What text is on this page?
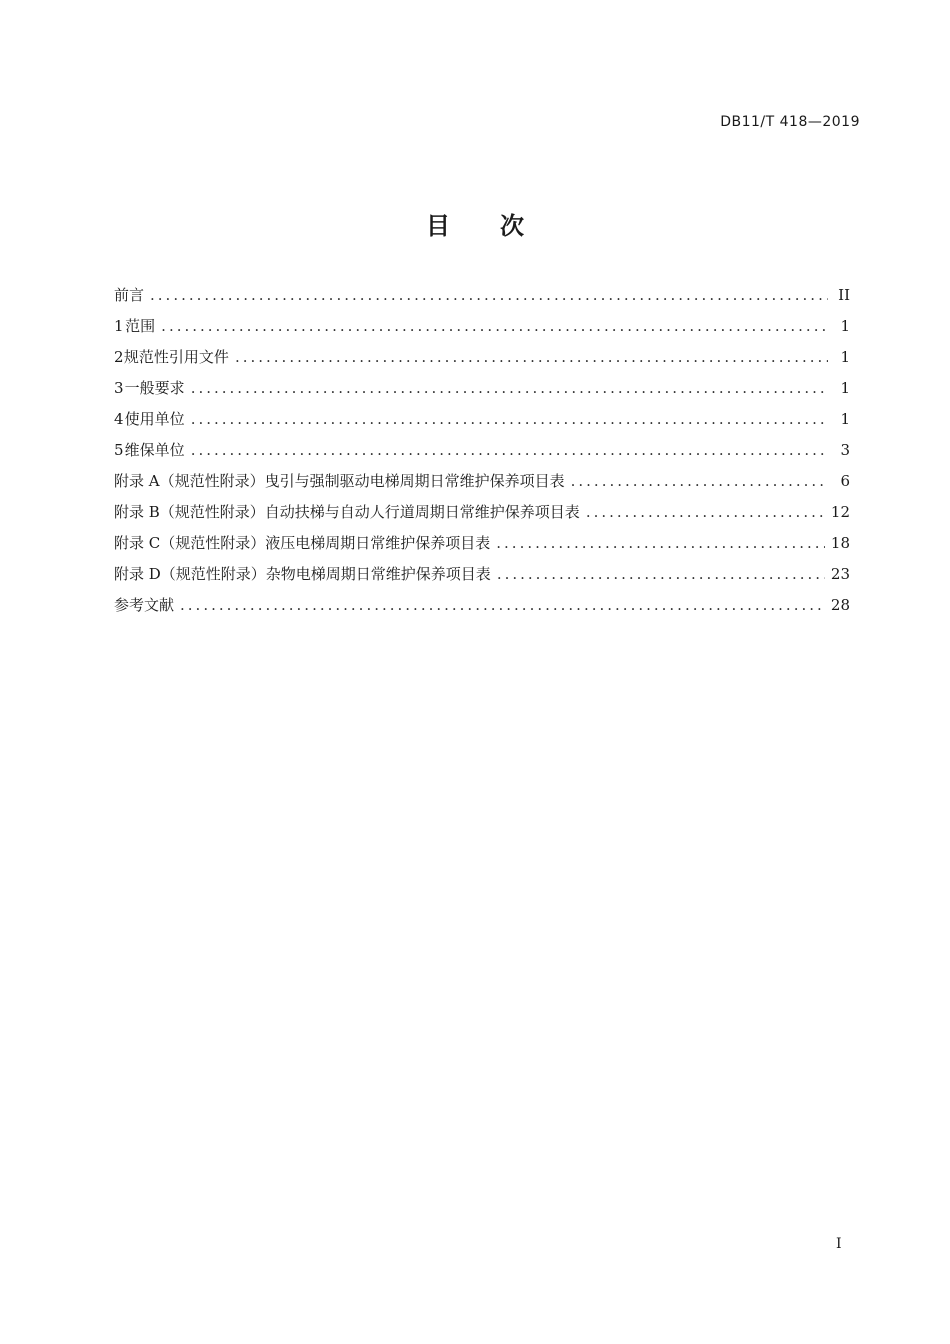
DB11/T 418—2019
目 次
前言 .....	II
1 范围 .....	1
2 规范性引用文件 .....	1
3 一般要求 .....	1
4 使用单位 .....	1
5 维保单位 .....	3
附录 A（规范性附录） 曳引与强制驱动电梯周期日常维护保养项目表 .....	6
附录 B（规范性附录） 自动扶梯与自动人行道周期日常维护保养项目表 .....	12
附录 C（规范性附录） 液压电梯周期日常维护保养项目表 .....	18
附录 D（规范性附录） 杂物电梯周期日常维护保养项目表 .....	23
参考文献 .....	28
I
